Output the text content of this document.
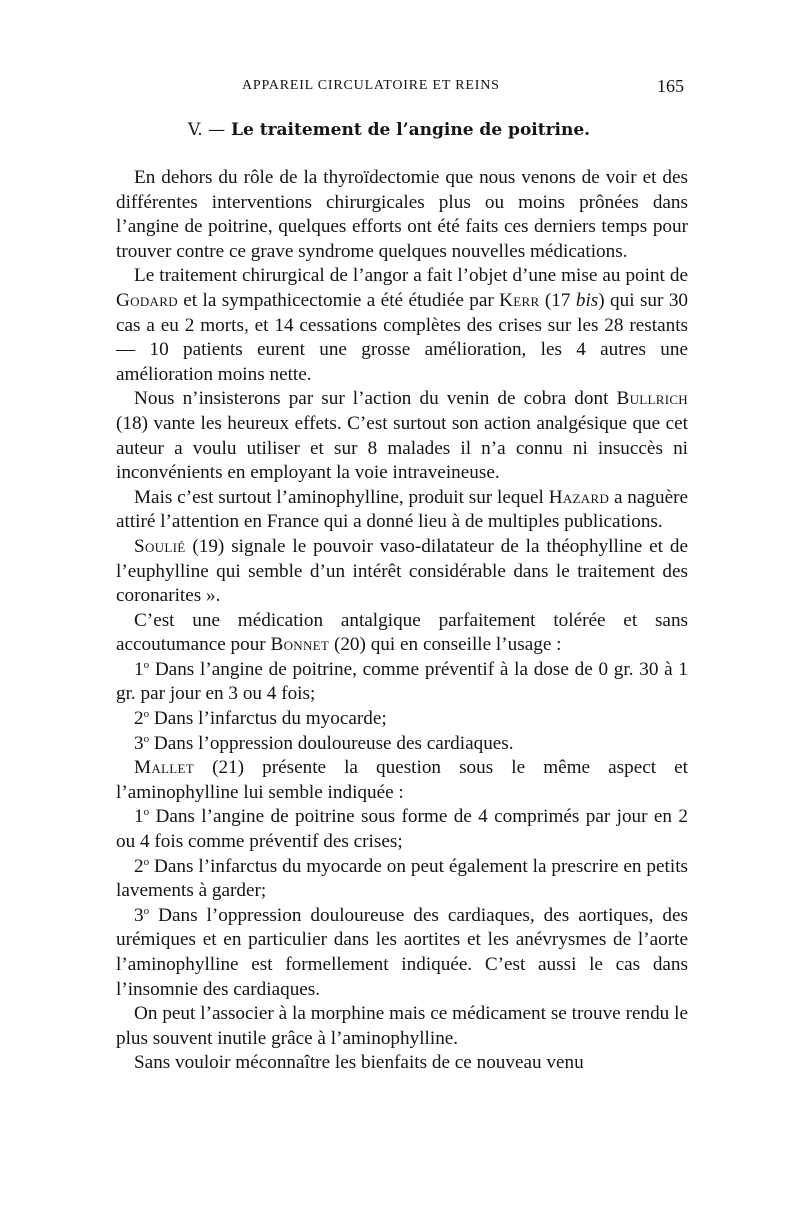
APPAREIL CIRCULATOIRE ET REINS	165
V. — Le traitement de l’angine de poitrine.

En dehors du rôle de la thyroïdectomie que nous venons de voir et des différentes interventions chirurgicales plus ou moins prônées dans l’angine de poitrine, quelques efforts ont été faits ces derniers temps pour trouver contre ce grave syndrome quelques nouvelles médications.

Le traitement chirurgical de l’angor a fait l’objet d’une mise au point de Godard et la sympathicectomie a été étudiée par Kerr (17 bis) qui sur 30 cas a eu 2 morts, et 14 cessations complètes des crises sur les 28 restants — 10 patients eurent une grosse amélioration, les 4 autres une amélioration moins nette.

Nous n’insisterons par sur l’action du venin de cobra dont Bullrich (18) vante les heureux effets. C’est surtout son action analgésique que cet auteur a voulu utiliser et sur 8 malades il n’a connu ni insuccès ni inconvénients en employant la voie intraveineuse.

Mais c’est surtout l’aminophylline, produit sur lequel Hazard a naguère attiré l’attention en France qui a donné lieu à de multiples publications.

Soulié (19) signale le pouvoir vaso-dilatateur de la théophylline et de l’euphylline qui semble d’un intérêt considérable dans le traitement des coronarites ».

C’est une médication antalgique parfaitement tolérée et sans accoutumance pour Bonnet (20) qui en conseille l’usage :

1$^o$ Dans l’angine de poitrine, comme préventif à la dose de 0 gr. 30 à 1 gr. par jour en 3 ou 4 fois;

2$^o$ Dans l’infarctus du myocarde;

3$^o$ Dans l’oppression douloureuse des cardiaques.

Mallet (21) présente la question sous le même aspect et l’aminophylline lui semble indiquée :

1$^o$ Dans l’angine de poitrine sous forme de 4 comprimés par jour en 2 ou 4 fois comme préventif des crises;

2$^o$ Dans l’infarctus du myocarde on peut également la prescrire en petits lavements à garder;

3$^o$ Dans l’oppression douloureuse des cardiaques, des aortiques, des urémiques et en particulier dans les aortites et les anévrysmes de l’aorte l’aminophylline est formellement indiquée. C’est aussi le cas dans l’insomnie des cardiaques.

On peut l’associer à la morphine mais ce médicament se trouve rendu le plus souvent inutile grâce à l’aminophylline.

Sans vouloir méconnaître les bienfaits de ce nouveau venu
